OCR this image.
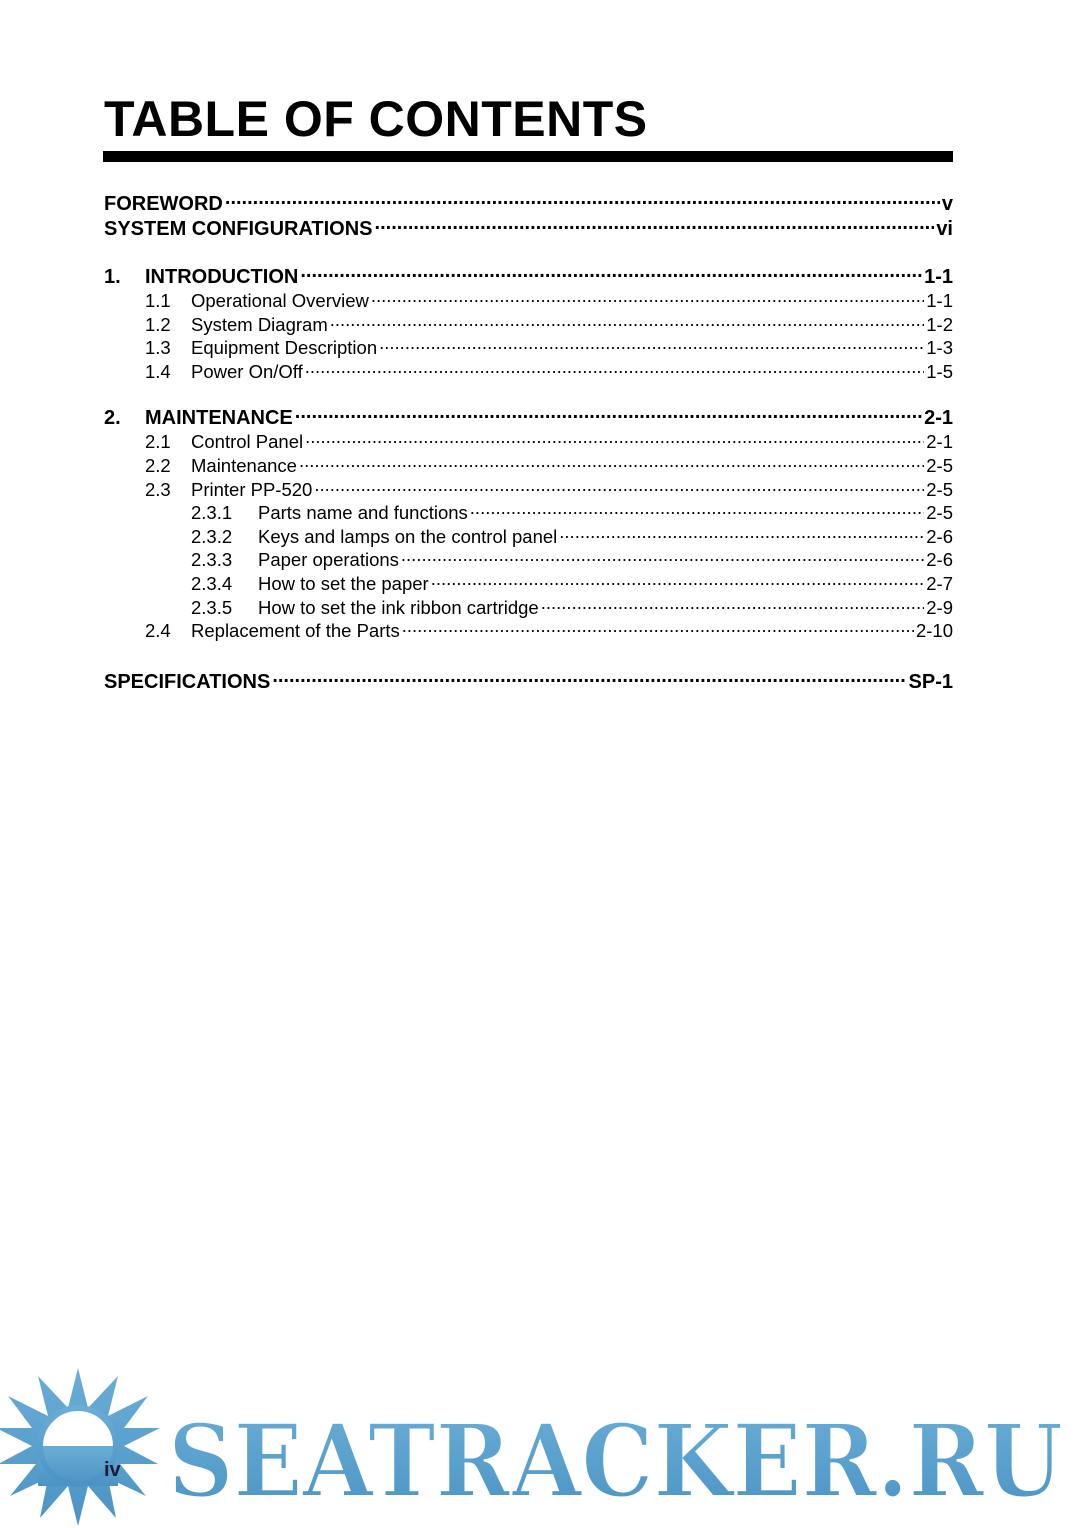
TABLE OF CONTENTS
FOREWORD .....	v
SYSTEM CONFIGURATIONS .....	vi
1.	INTRODUCTION .....	1-1
1.1	Operational Overview .....	1-1
1.2	System Diagram .....	1-2
1.3	Equipment Description .....	1-3
1.4	Power On/Off .....	1-5
2.	MAINTENANCE .....	2-1
2.1	Control Panel .....	2-1
2.2	Maintenance .....	2-5
2.3	Printer PP-520 .....	2-5
2.3.1	Parts name and functions .....	2-5
2.3.2	Keys and lamps on the control panel .....	2-6
2.3.3	Paper operations .....	2-6
2.3.4	How to set the paper .....	2-7
2.3.5	How to set the ink ribbon cartridge .....	2-9
2.4	Replacement of the Parts .....	2-10
SPECIFICATIONS .....	SP-1
SEATRACKER.RU
iv
